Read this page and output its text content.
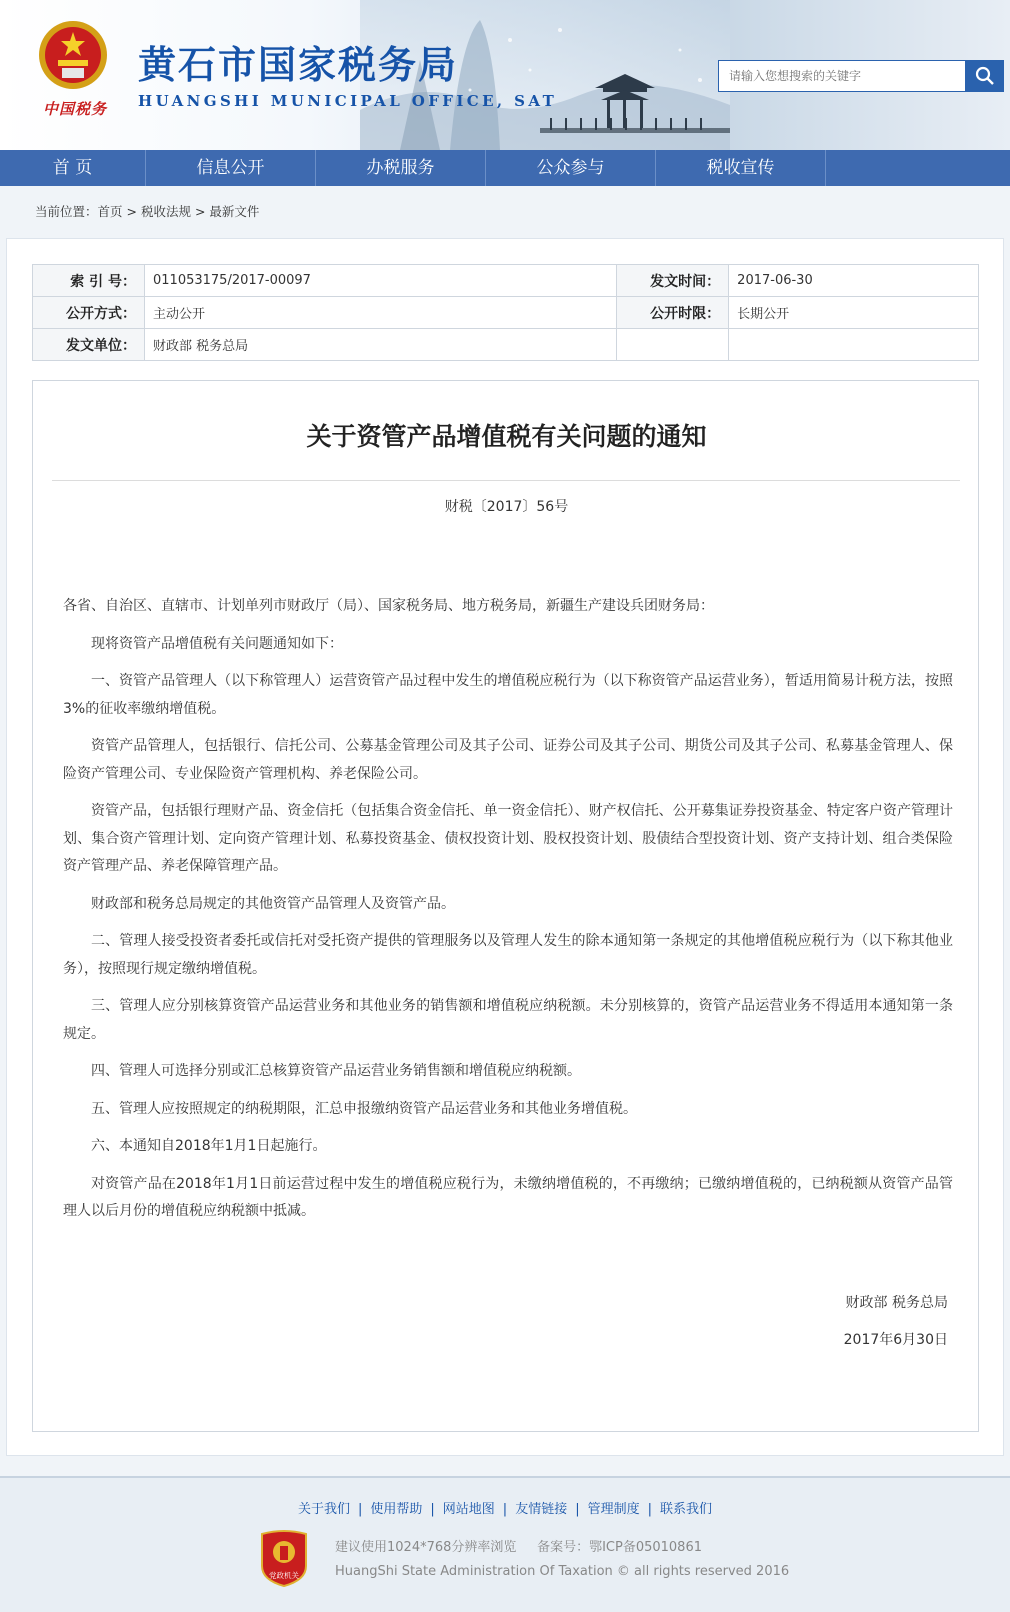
中国税务
黄石市国家税务局
HUANGSHI MUNICIPAL OFFICE, SAT
请输入您想搜索的关键字
首 页	信息公开	办税服务	公众参与	税收宣传
当前位置：首页 > 税收法规 > 最新文件
索 引 号：	011053175/2017-00097	发文时间：	2017-06-30
公开方式：	主动公开	公开时限：	长期公开
发文单位：	财政部 税务总局		
关于资管产品增值税有关问题的通知
财税〔2017〕56号

各省、自治区、直辖市、计划单列市财政厅（局）、国家税务局、地方税务局，新疆生产建设兵团财务局：

现将资管产品增值税有关问题通知如下：

一、资管产品管理人（以下称管理人）运营资管产品过程中发生的增值税应税行为（以下称资管产品运营业务），暂适用简易计税方法，按照3%的征收率缴纳增值税。

资管产品管理人，包括银行、信托公司、公募基金管理公司及其子公司、证券公司及其子公司、期货公司及其子公司、私募基金管理人、保险资产管理公司、专业保险资产管理机构、养老保险公司。

资管产品，包括银行理财产品、资金信托（包括集合资金信托、单一资金信托）、财产权信托、公开募集证券投资基金、特定客户资产管理计划、集合资产管理计划、定向资产管理计划、私募投资基金、债权投资计划、股权投资计划、股债结合型投资计划、资产支持计划、组合类保险资产管理产品、养老保障管理产品。

财政部和税务总局规定的其他资管产品管理人及资管产品。

二、管理人接受投资者委托或信托对受托资产提供的管理服务以及管理人发生的除本通知第一条规定的其他增值税应税行为（以下称其他业务），按照现行规定缴纳增值税。

三、管理人应分别核算资管产品运营业务和其他业务的销售额和增值税应纳税额。未分别核算的，资管产品运营业务不得适用本通知第一条规定。

四、管理人可选择分别或汇总核算资管产品运营业务销售额和增值税应纳税额。

五、管理人应按照规定的纳税期限，汇总申报缴纳资管产品运营业务和其他业务增值税。

六、本通知自2018年1月1日起施行。

对资管产品在2018年1月1日前运营过程中发生的增值税应税行为，未缴纳增值税的，不再缴纳；已缴纳增值税的，已纳税额从资管产品管理人以后月份的增值税应纳税额中抵减。

财政部 税务总局
2017年6月30日
关于我们 | 使用帮助 | 网站地图 | 友情链接 | 管理制度 | 联系我们
党政机关
建议使用1024*768分辨率浏览 备案号：鄂ICP备05010861
HuangShi State Administration Of Taxation © all rights reserved 2016
